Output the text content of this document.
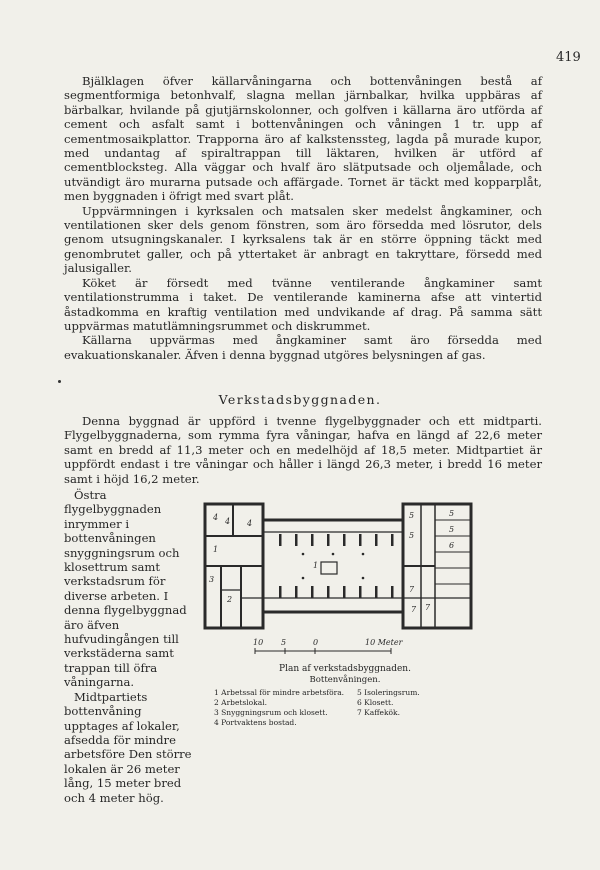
419

Bjälklagen öfver källarvåningarna och bottenvåningen bestå af segmentformiga betonhvalf, slagna mellan järnbalkar, hvilka uppbäras af bärbalkar, hvilande på gjutjärnskolonner, och golfven i källarna äro utförda af cement och asfalt samt i bottenvåningen och våningen 1 tr. upp af cementmosaikplattor. Trapporna äro af kalkstenssteg, lagda på murade kupor, med undantag af spiraltrappan till läktaren, hvilken är utförd af cementblocksteg. Alla väggar och hvalf äro slätputsade och oljemålade, och utvändigt äro murarna putsade och affärgade. Tornet är täckt med kopparplåt, men byggnaden i öfrigt med svart plåt.

Uppvärmningen i kyrksalen och matsalen sker medelst ångkaminer, och ventilationen sker dels genom fönstren, som äro försedda med lösrutor, dels genom utsugningskanaler. I kyrksalens tak är en större öppning täckt med genombrutet galler, och på yttertaket är anbragt en takryttare, försedd med jalusigaller.

Köket är försedt med tvänne ventilerande ångkaminer samt ventilationstrumma i taket. De ventilerande kaminerna afse att vintertid åstadkomma en kraftig ventilation med undvikande af drag. På samma sätt uppvärmas matutlämningsrummet och diskrummet.

Källarna uppvärmas med ångkaminer samt äro försedda med evakuationskanaler. Äfven i denna byggnad utgöres belysningen af gas.

Verkstadsbyggnaden.

Denna byggnad är uppförd i tvenne flygelbyggnader och ett midtparti. Flygelbyggnaderna, som rymma fyra våningar, hafva en längd af 22,6 meter samt en bredd af 11,3 meter och en medelhöjd af 18,5 meter. Midtpartiet är uppfördt endast i tre våningar och håller i längd 26,3 meter, i bredd 16 meter samt i höjd 16,2 meter.

Östra flygelbyggnaden inrymmer i bottenvåningen snyggningsrum och klosettrum samt verkstadsrum för diverse arbeten. I denna flygelbyggnad äro äfven hufvudingången till verkstäderna samt trappan till öfra våningarna.

Midtpartiets bottenvåning upptages af lokaler, afsedda för mindre arbetsföre Den större lokalen är 26 meter lång, 15 meter bred och 4 meter hög.

4 4 4
1
1
3
2
5	5
5
5
6
7
7
7
10 5	0	10 Meter
Plan af verkstadsbyggnaden.
Bottenvåningen.
1 Arbetssal för mindre arbetsföra.
2 Arbetslokal.
3 Snyggningsrum och klosett.
4 Portvaktens bostad.
5 Isoleringsrum.
6 Klosett.
7 Kaffekök.
